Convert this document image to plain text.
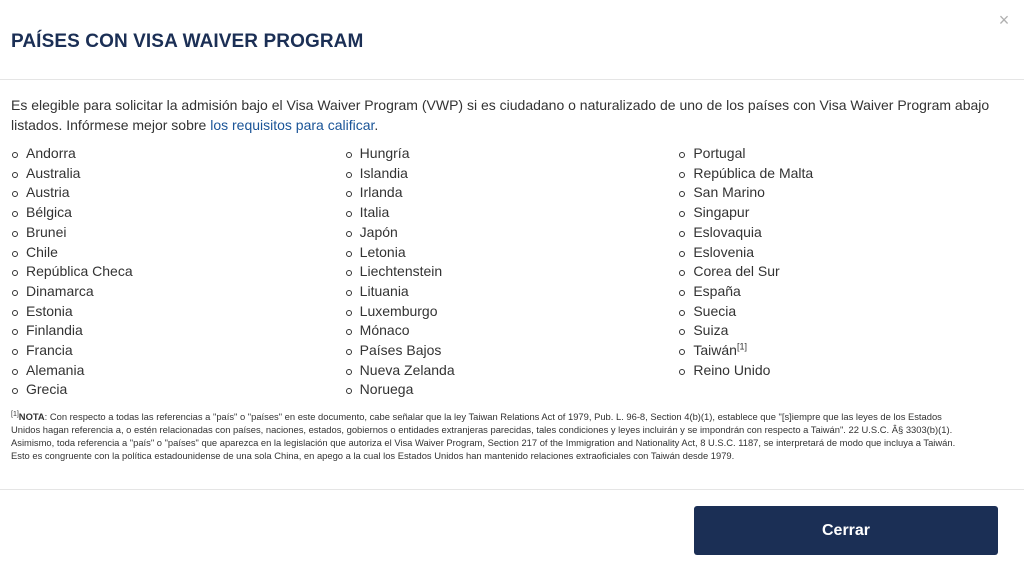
×
PAÍSES CON VISA WAIVER PROGRAM

Es elegible para solicitar la admisión bajo el Visa Waiver Program (VWP) si es ciudadano o naturalizado de uno de los países con Visa Waiver Program abajo
listados. Infórmese mejor sobre los requisitos para calificar.

Andorra
Australia
Austria
Bélgica
Brunei
Chile
República Checa
Dinamarca
Estonia
Finlandia
Francia
Alemania
Grecia
Hungría
Islandia
Irlanda
Italia
Japón
Letonia
Liechtenstein
Lituania
Luxemburgo
Mónaco
Países Bajos
Nueva Zelanda
Noruega
Portugal
República de Malta
San Marino
Singapur
Eslovaquia
Eslovenia
Corea del Sur
España
Suecia
Suiza
Taiwán[1]
Reino Unido

[1]NOTA: Con respecto a todas las referencias a "país" o "países" en este documento, cabe señalar que la ley Taiwan Relations Act of 1979, Pub. L. 96-8, Section 4(b)(1), establece que "[s]iempre que las leyes de los Estados
Unidos hagan referencia a, o estén relacionadas con países, naciones, estados, gobiernos o entidades extranjeras parecidas, tales condiciones y leyes incluirán y se impondrán con respecto a Taiwán". 22 U.S.C. Â§ 3303(b)(1).
Asimismo, toda referencia a "país" o "países" que aparezca en la legislación que autoriza el Visa Waiver Program, Section 217 of the Immigration and Nationality Act, 8 U.S.C. 1187, se interpretará de modo que incluya a Taiwán.
Esto es congruente con la política estadounidense de una sola China, en apego a la cual los Estados Unidos han mantenido relaciones extraoficiales con Taiwán desde 1979.

Cerrar
